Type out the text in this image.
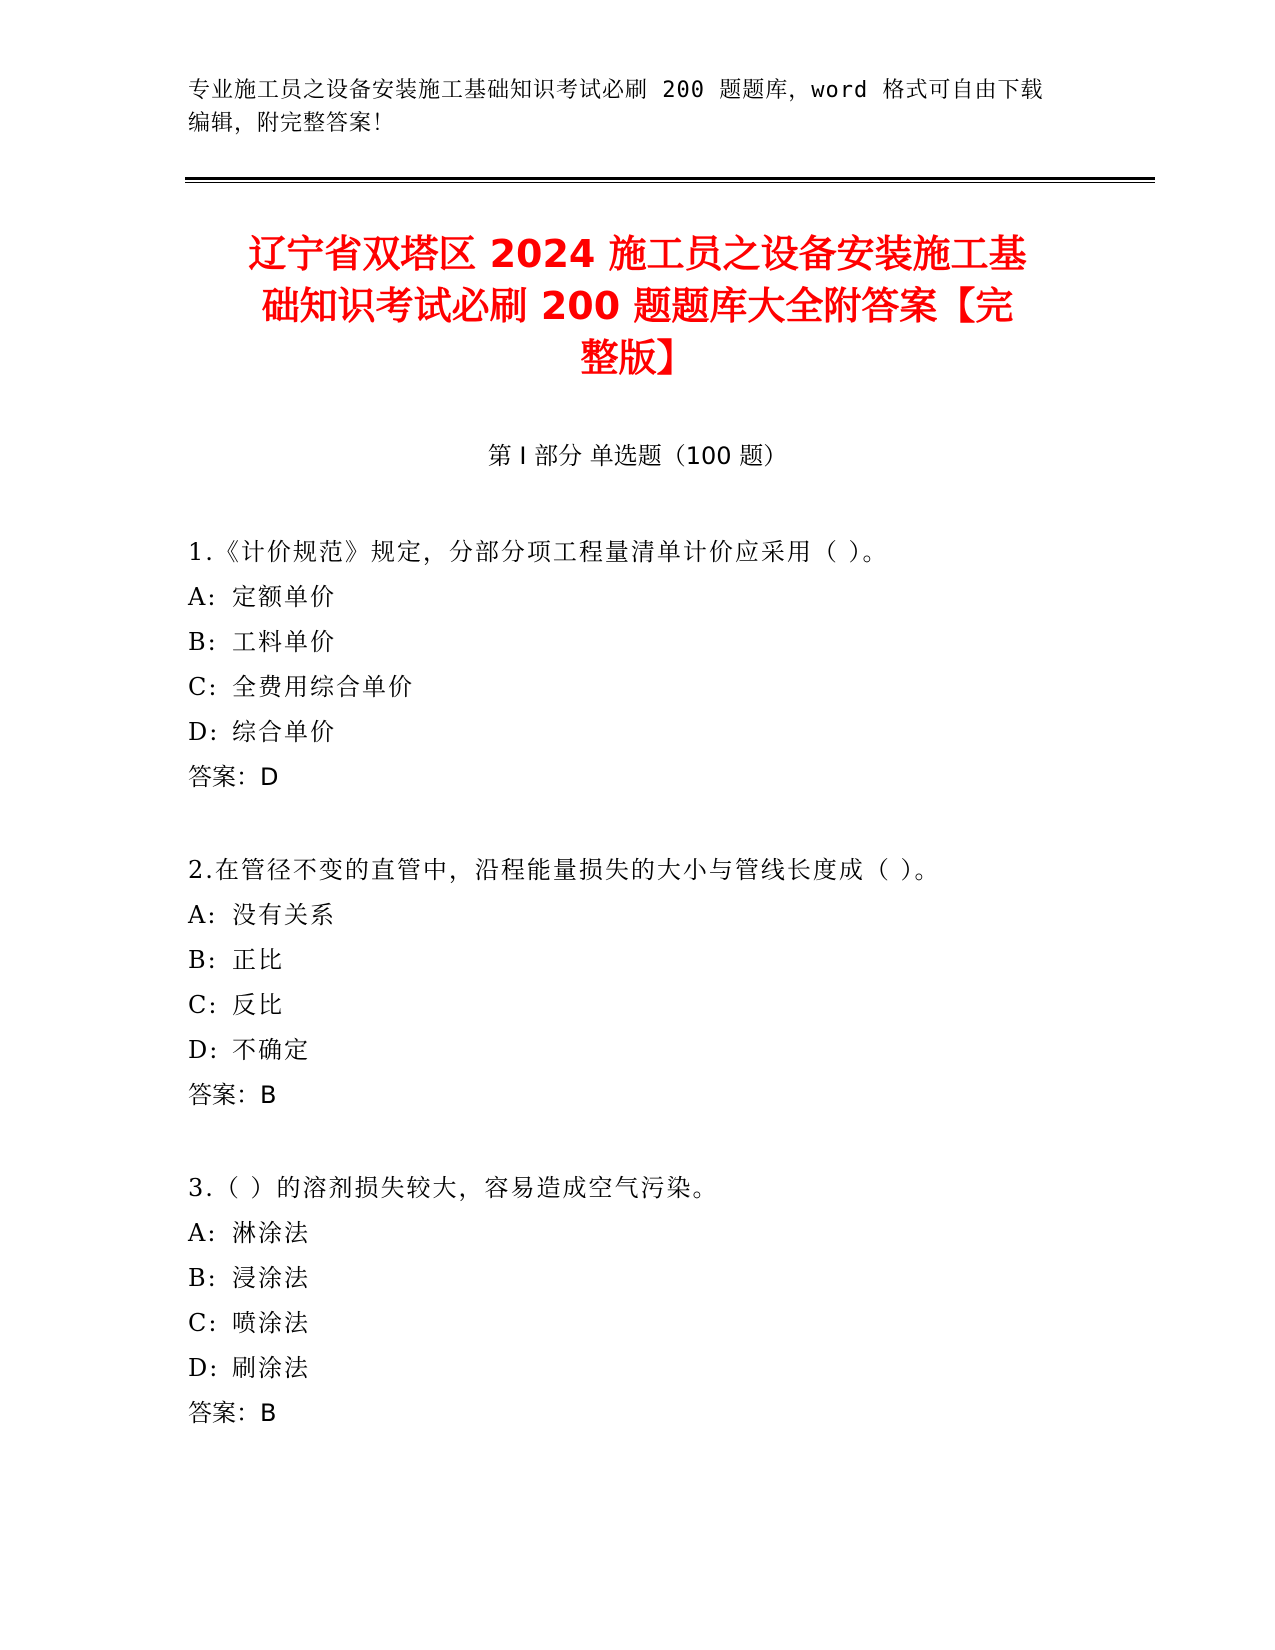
专业施工员之设备安装施工基础知识考试必刷 200 题题库，word 格式可自由下载
编辑，附完整答案！
辽宁省双塔区 2024 施工员之设备安装施工基
础知识考试必刷 200 题题库大全附答案【完
整版】
第 I 部分 单选题（100 题）
1.《计价规范》规定，分部分项工程量清单计价应采用（ ）。
A: 定额单价
B: 工料单价
C: 全费用综合单价
D: 综合单价
答案：D
2.在管径不变的直管中，沿程能量损失的大小与管线长度成（ ）。
A: 没有关系
B: 正比
C: 反比
D: 不确定
答案：B
3.（ ）的溶剂损失较大，容易造成空气污染。
A: 淋涂法
B: 浸涂法
C: 喷涂法
D: 刷涂法
答案：B
